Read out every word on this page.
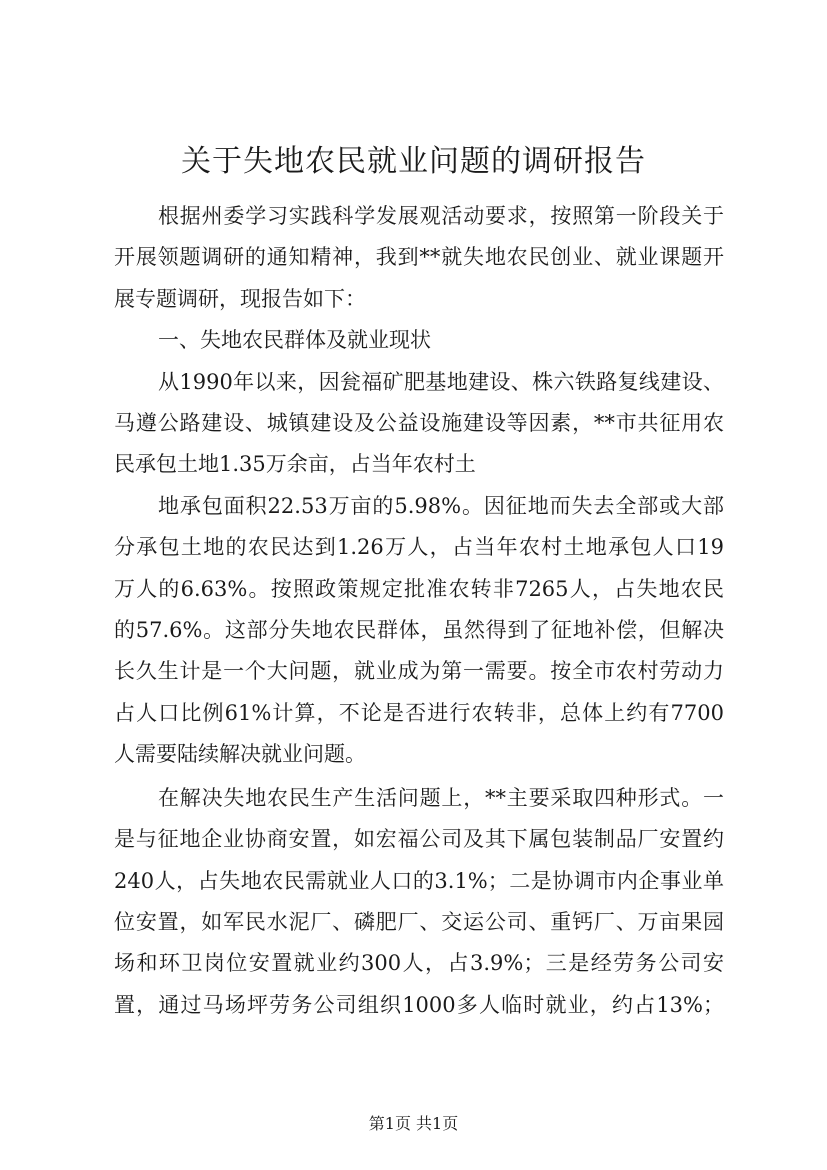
关于失地农民就业问题的调研报告
根据州委学习实践科学发展观活动要求，按照第一阶段关于
开展领题调研的通知精神，我到**就失地农民创业、就业课题开
展专题调研，现报告如下：
一、失地农民群体及就业现状
从1990年以来，因瓮福矿肥基地建设、株六铁路复线建设、
马遵公路建设、城镇建设及公益设施建设等因素，**市共征用农
民承包土地1.35万余亩，占当年农村土
地承包面积22.53万亩的5.98%。因征地而失去全部或大部
分承包土地的农民达到1.26万人，占当年农村土地承包人口19
万人的6.63%。按照政策规定批准农转非7265人，占失地农民
的57.6%。这部分失地农民群体，虽然得到了征地补偿，但解决
长久生计是一个大问题，就业成为第一需要。按全市农村劳动力
占人口比例61%计算，不论是否进行农转非，总体上约有7700
人需要陆续解决就业问题。
在解决失地农民生产生活问题上，**主要采取四种形式。一
是与征地企业协商安置，如宏福公司及其下属包装制品厂安置约
240人，占失地农民需就业人口的3.1%；二是协调市内企事业单
位安置，如军民水泥厂、磷肥厂、交运公司、重钙厂、万亩果园
场和环卫岗位安置就业约300人，占3.9%；三是经劳务公司安
置，通过马场坪劳务公司组织1000多人临时就业，约占13%；
第1页 共1页
